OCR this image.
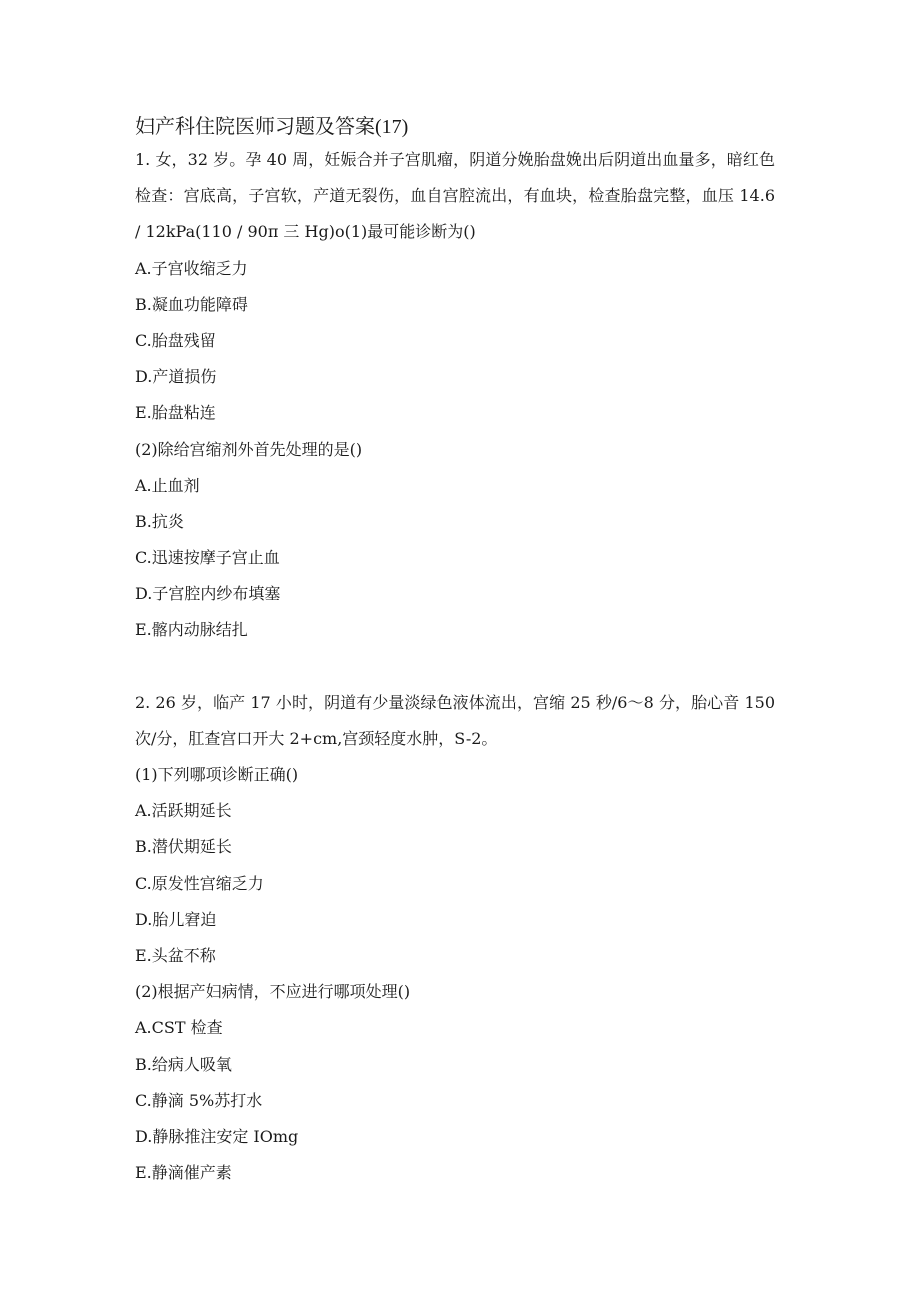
妇产科住院医师习题及答案(17)

1. 女，32 岁。孕 40 周，妊娠合并子宫肌瘤，阴道分娩胎盘娩出后阴道出血量多，暗红色检查：宫底高，子宫软，产道无裂伤，血自宫腔流出，有血块，检查胎盘完整，血压 14.6 / 12kPa(110 / 90π 三 Hg)o(1)最可能诊断为()

A.子宫收缩乏力

B.凝血功能障碍

C.胎盘残留

D.产道损伤

E.胎盘粘连

(2)除给宫缩剂外首先处理的是()

A.止血剂

B.抗炎

C.迅速按摩子宫止血

D.子宫腔内纱布填塞

E.髂内动脉结扎

2. 26 岁，临产 17 小时，阴道有少量淡绿色液体流出，宫缩 25 秒/6～8 分，胎心音 150 次/分，肛查宫口开大 2+cm,宫颈轻度水肿，S-2。

(1)下列哪项诊断正确()

A.活跃期延长

B.潜伏期延长

C.原发性宫缩乏力

D.胎儿窘迫

E.头盆不称

(2)根据产妇病情，不应进行哪项处理()

A.CST 检查

B.给病人吸氧

C.静滴 5%苏打水

D.静脉推注安定 IOmg

E.静滴催产素
